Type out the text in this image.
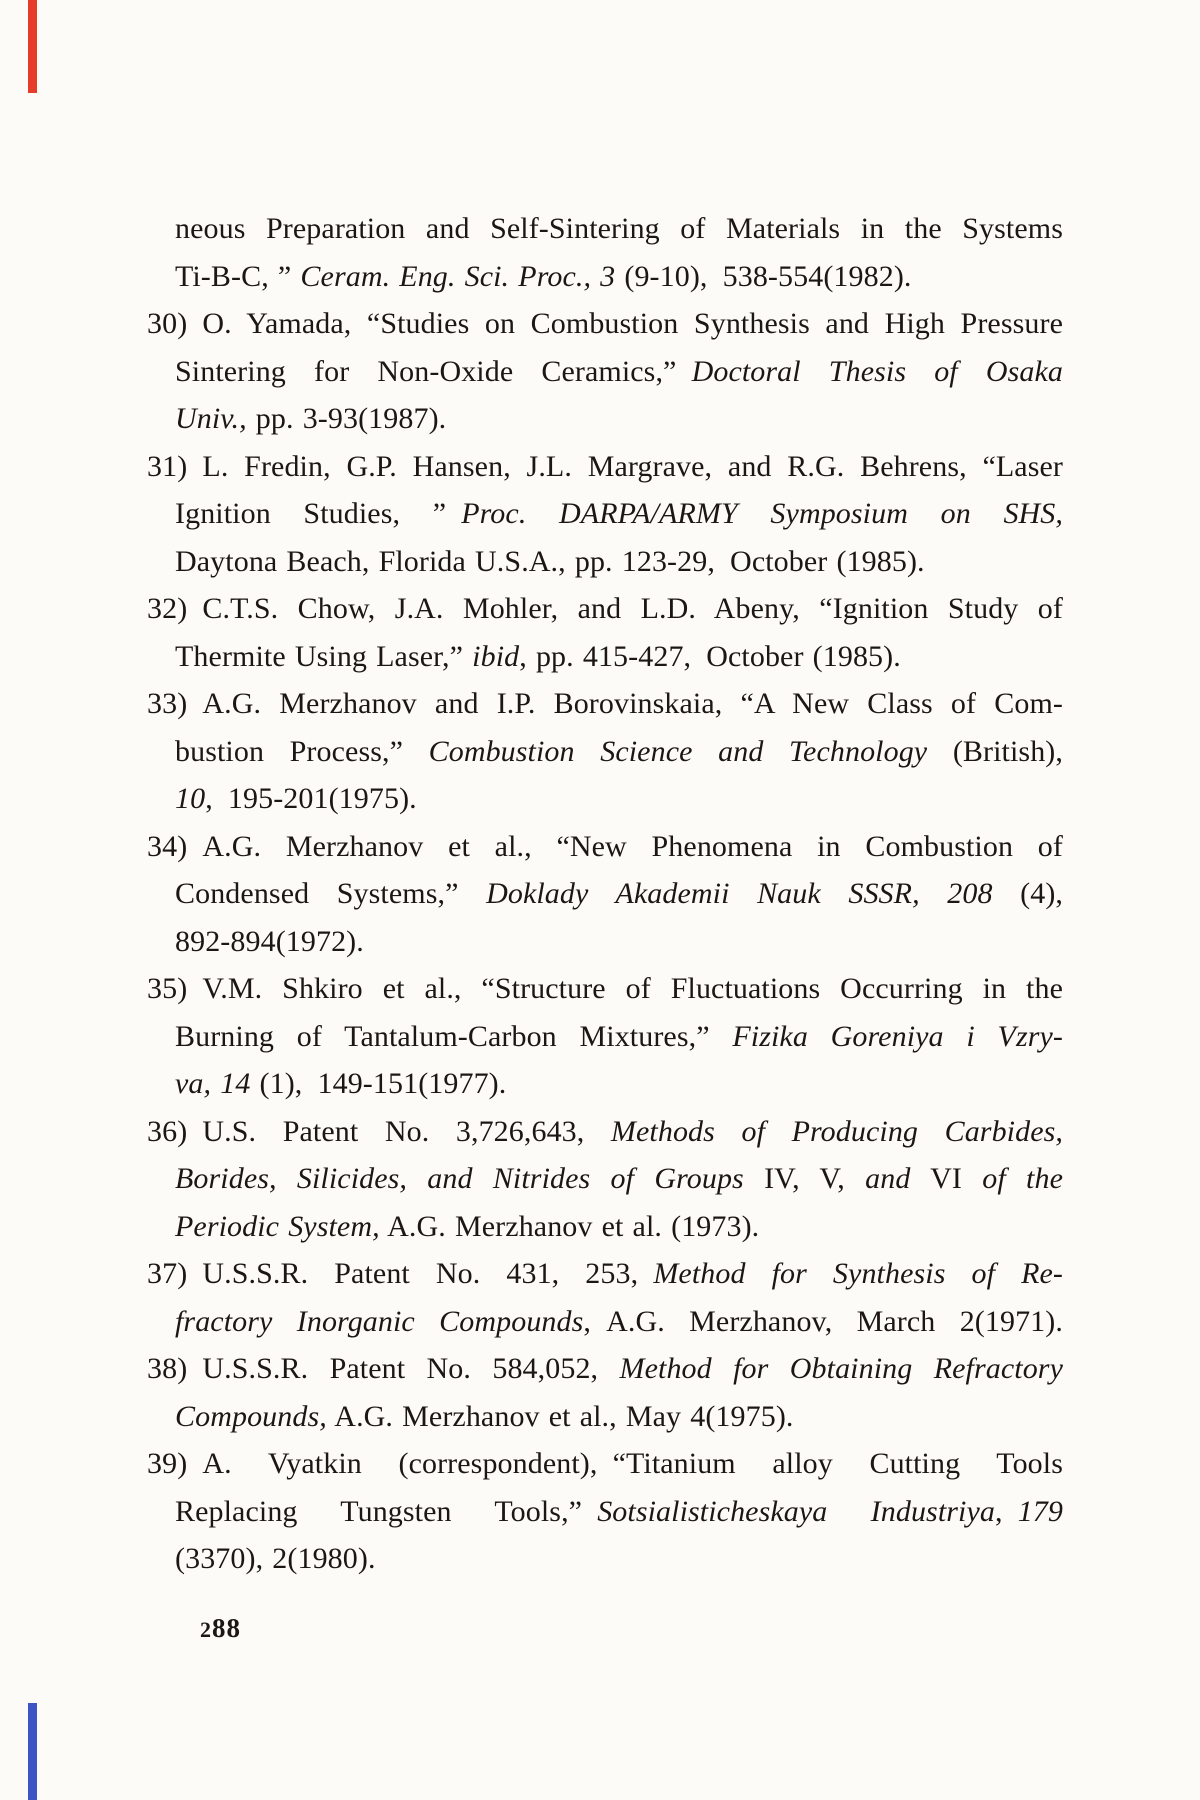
neous Preparation and Self-Sintering of Materials in the Systems
Ti-B-C, ” Ceram. Eng. Sci. Proc., 3 (9-10), 538-554(1982).
30) O. Yamada, “Studies on Combustion Synthesis and High Pressure
Sintering for Non-Oxide Ceramics,” Doctoral Thesis of Osaka
Univ., pp. 3-93(1987).
31) L. Fredin, G.P. Hansen, J.L. Margrave, and R.G. Behrens, “Laser
Ignition Studies, ” Proc. DARPA/ARMY Symposium on SHS,
Daytona Beach, Florida U.S.A., pp. 123-29, October (1985).
32) C.T.S. Chow, J.A. Mohler, and L.D. Abeny, “Ignition Study of
Thermite Using Laser,” ibid, pp. 415-427, October (1985).
33) A.G. Merzhanov and I.P. Borovinskaia, “A New Class of Com-
bustion Process,” Combustion Science and Technology (British),
10, 195-201(1975).
34) A.G. Merzhanov et al., “New Phenomena in Combustion of
Condensed Systems,” Doklady Akademii Nauk SSSR, 208 (4),
892-894(1972).
35) V.M. Shkiro et al., “Structure of Fluctuations Occurring in the
Burning of Tantalum-Carbon Mixtures,” Fizika Goreniya i Vzry-
va, 14 (1), 149-151(1977).
36) U.S. Patent No. 3,726,643, Methods of Producing Carbides,
Borides, Silicides, and Nitrides of Groups IV, V, and VI of the
Periodic System, A.G. Merzhanov et al. (1973).
37) U.S.S.R. Patent No. 431, 253, Method for Synthesis of Re-
fractory Inorganic Compounds, A.G. Merzhanov, March 2(1971).
38) U.S.S.R. Patent No. 584,052, Method for Obtaining Refractory
Compounds, A.G. Merzhanov et al., May 4(1975).
39) A. Vyatkin (correspondent), “Titanium alloy Cutting Tools
Replacing Tungsten Tools,” Sotsialisticheskaya Industriya, 179
(3370), 2(1980).
288
